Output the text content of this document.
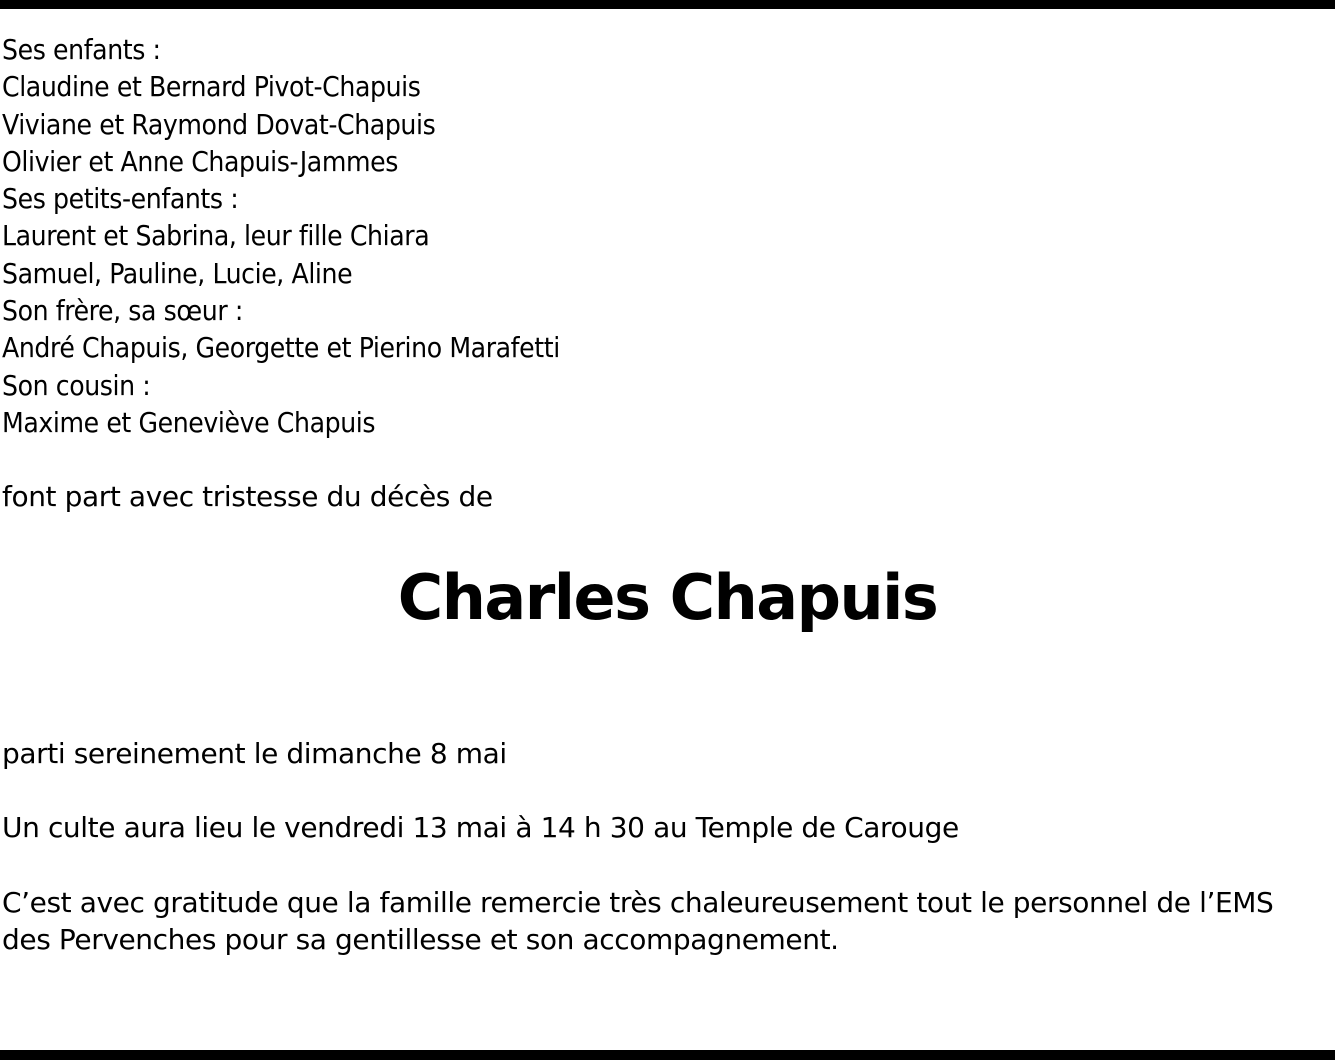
Ses enfants :
Claudine et Bernard Pivot-Chapuis
Viviane et Raymond Dovat-Chapuis
Olivier et Anne Chapuis-Jammes
Ses petits-enfants :
Laurent et Sabrina, leur fille Chiara
Samuel, Pauline, Lucie, Aline
Son frère, sa sœur :
André Chapuis, Georgette et Pierino Marafetti
Son cousin :
Maxime et Geneviève Chapuis
font part avec tristesse du décès de
Charles Chapuis
parti sereinement le dimanche 8 mai
Un culte aura lieu le vendredi 13 mai à 14 h 30 au Temple de Carouge
C’est avec gratitude que la famille remercie très chaleureusement tout le personnel de l’EMS des Pervenches pour sa gentillesse et son accompagnement.
